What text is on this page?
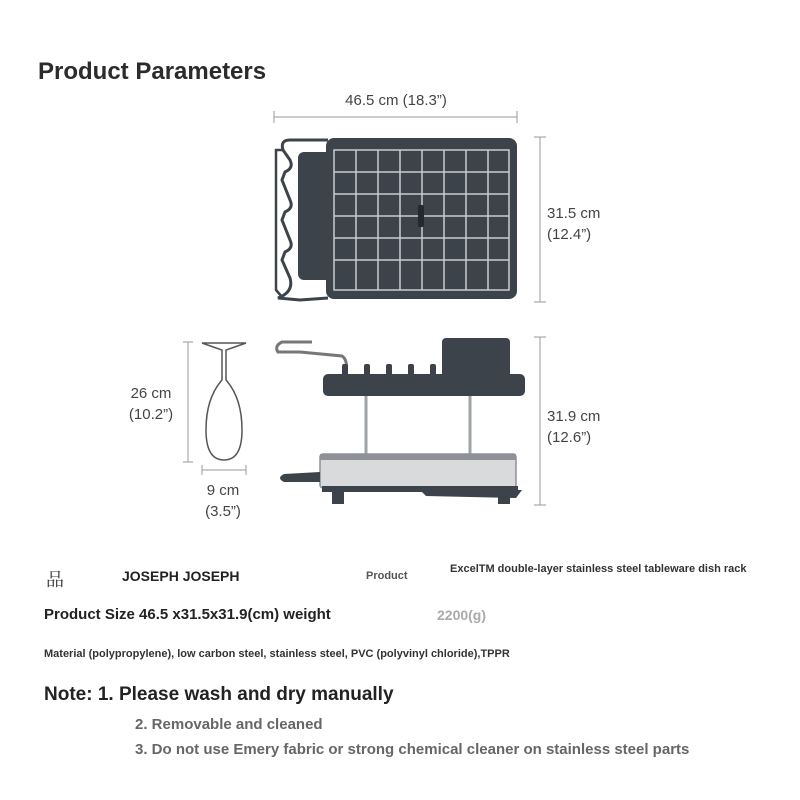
Product Parameters
46.5 cm (18.3”)
31.5 cm
(12.4”)
31.9 cm
(12.6”)
26 cm
(10.2”)
9 cm
(3.5”)
品	JOSEPH JOSEPH	Product
ExcelTM double-layer stainless steel tableware dish rack
Product Size 46.5 x31.5x31.9(cm) weight	2200(g)
Material (polypropylene), low carbon steel, stainless steel, PVC (polyvinyl chloride),TPPR
Note: 1. Please wash and dry manually
2. Removable and cleaned
3. Do not use Emery fabric or strong chemical cleaner on stainless steel parts
